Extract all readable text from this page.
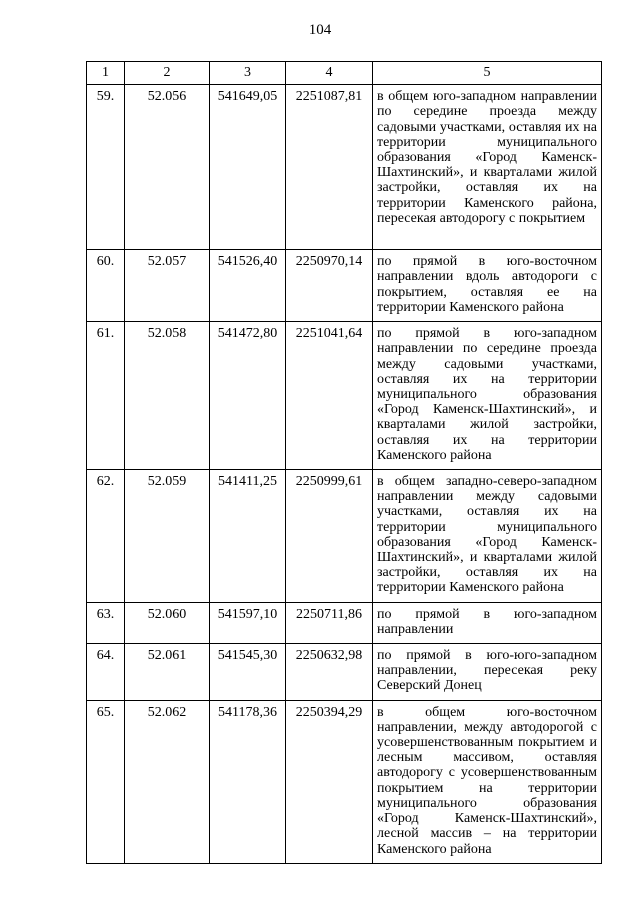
104
1	2	3	4	5
59.	52.056	541649,05	2251087,81	в общем юго-западном направлении по середине проезда между садовыми участками, оставляя их на территории муниципального образования «Город Каменск-Шахтинский», и кварталами жилой застройки, оставляя их на территории Каменского района, пересекая автодорогу с покрытием
60.	52.057	541526,40	2250970,14	по прямой в юго-восточном направлении вдоль автодороги с покрытием, оставляя ее на территории Каменского района
61.	52.058	541472,80	2251041,64	по прямой в юго-западном направлении по середине проезда между садовыми участками, оставляя их на территории муниципального образования «Город Каменск-Шахтинский», и кварталами жилой застройки, оставляя их на территории Каменского района
62.	52.059	541411,25	2250999,61	в общем западно-северо-западном направлении между садовыми участками, оставляя их на территории муниципального образования «Город Каменск-Шахтинский», и кварталами жилой застройки, оставляя их на территории Каменского района
63.	52.060	541597,10	2250711,86	по прямой в юго-западном направлении
64.	52.061	541545,30	2250632,98	по прямой в юго-юго-западном направлении, пересекая реку Северский Донец
65.	52.062	541178,36	2250394,29	в общем юго-восточном направлении, между автодорогой с усовершенствованным покрытием и лесным массивом, оставляя автодорогу с усовершенствованным покрытием на территории муниципального образования «Город Каменск-Шахтинский», лесной массив – на территории Каменского района
